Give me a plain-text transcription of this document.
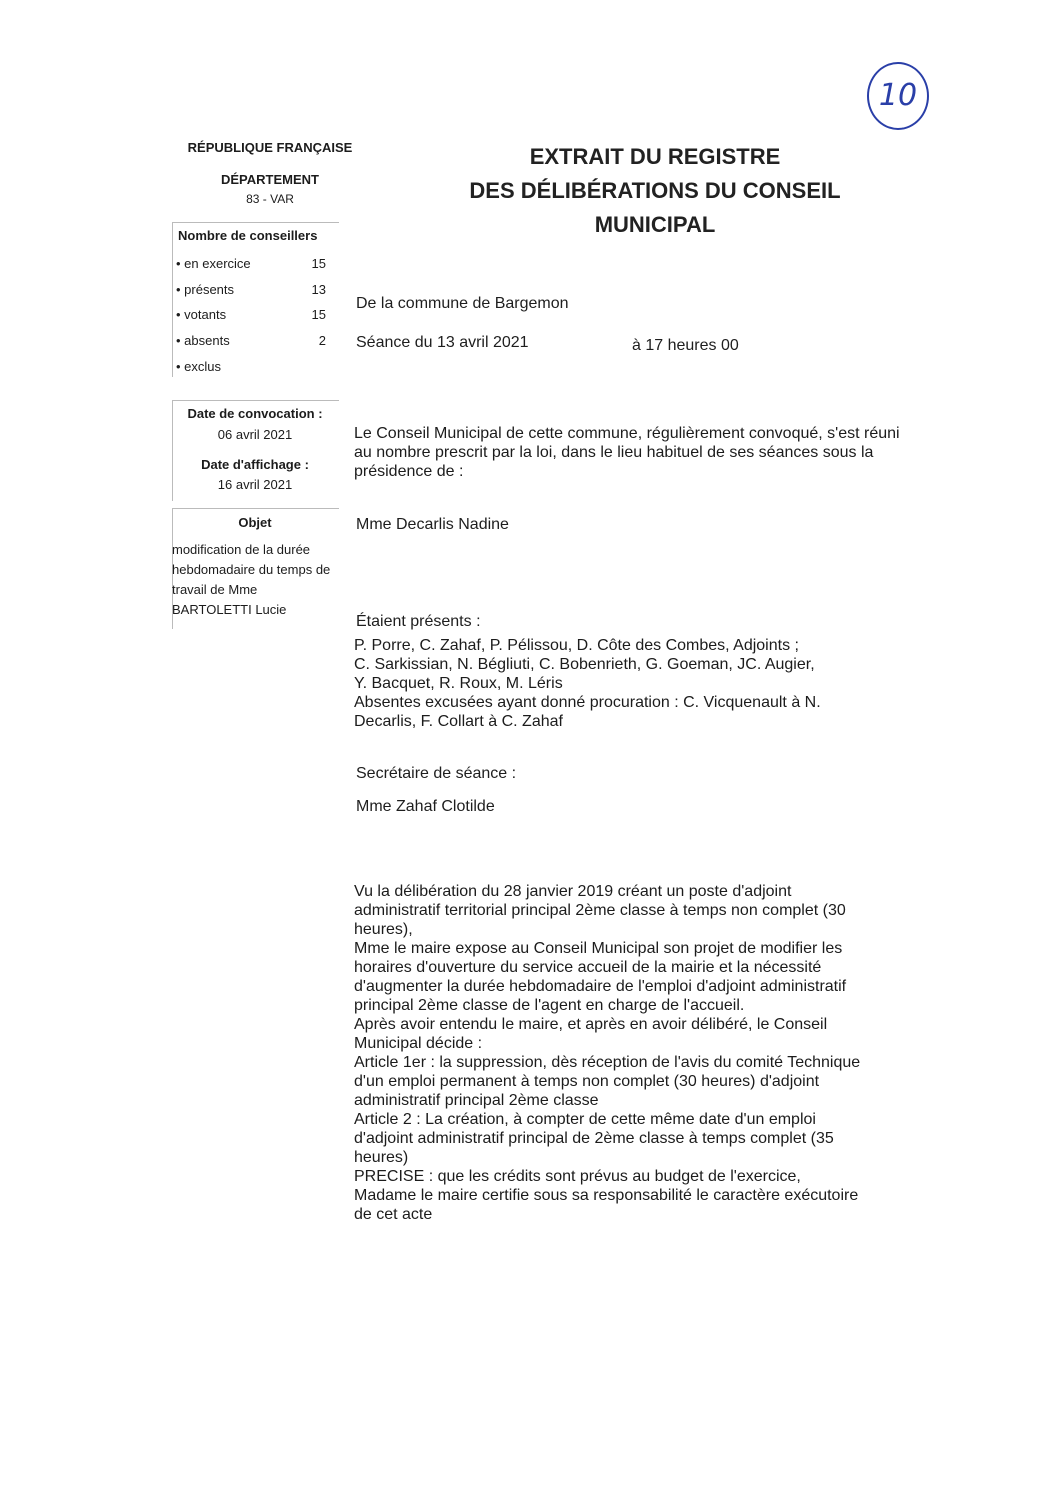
10
RÉPUBLIQUE FRANÇAISE
DÉPARTEMENT
83 - VAR
EXTRAIT DU REGISTRE
DES DÉLIBÉRATIONS DU CONSEIL
MUNICIPAL
Nombre de conseillers
• en exercice	15
• présents	13
• votants	15
• absents	2
• exclus
Date de convocation :
06 avril 2021
Date d'affichage :
16 avril 2021
Objet
modification de la durée hebdomadaire du temps de travail de Mme BARTOLETTI Lucie
De la commune de Bargemon
Séance du 13 avril 2021	à 17 heures 00
Le Conseil Municipal de cette commune, régulièrement convoqué, s'est réuni au nombre prescrit par la loi, dans le lieu habituel de ses séances sous la présidence de :
Mme Decarlis Nadine
Étaient présents :

P. Porre, C. Zahaf, P. Pélissou, D. Côte des Combes, Adjoints ;

C. Sarkissian, N. Bégliuti, C. Bobenrieth, G. Goeman, JC. Augier,

Y. Bacquet, R. Roux, M. Léris

Absentes excusées ayant donné procuration : C. Vicquenault à N.

Decarlis, F. Collart à C. Zahaf

Secrétaire de séance :
Mme Zahaf Clotilde

Vu la délibération du 28 janvier 2019 créant un poste d'adjoint

administratif territorial principal 2ème classe à temps non complet (30

heures),

Mme le maire expose au Conseil Municipal son projet de modifier les

horaires d'ouverture du service accueil de la mairie et la nécessité

d'augmenter la durée hebdomadaire de l'emploi d'adjoint administratif

principal 2ème classe de l'agent en charge de l'accueil.

Après avoir entendu le maire, et après en avoir délibéré, le Conseil

Municipal décide :

Article 1er : la suppression, dès réception de l'avis du comité Technique

d'un emploi permanent à temps non complet (30 heures) d'adjoint

administratif principal 2ème classe

Article 2 : La création, à compter de cette même date d'un emploi

d'adjoint administratif principal de 2ème classe à temps complet (35

heures)

PRECISE : que les crédits sont prévus au budget de l'exercice,

Madame le maire certifie sous sa responsabilité le caractère exécutoire

de cet acte
